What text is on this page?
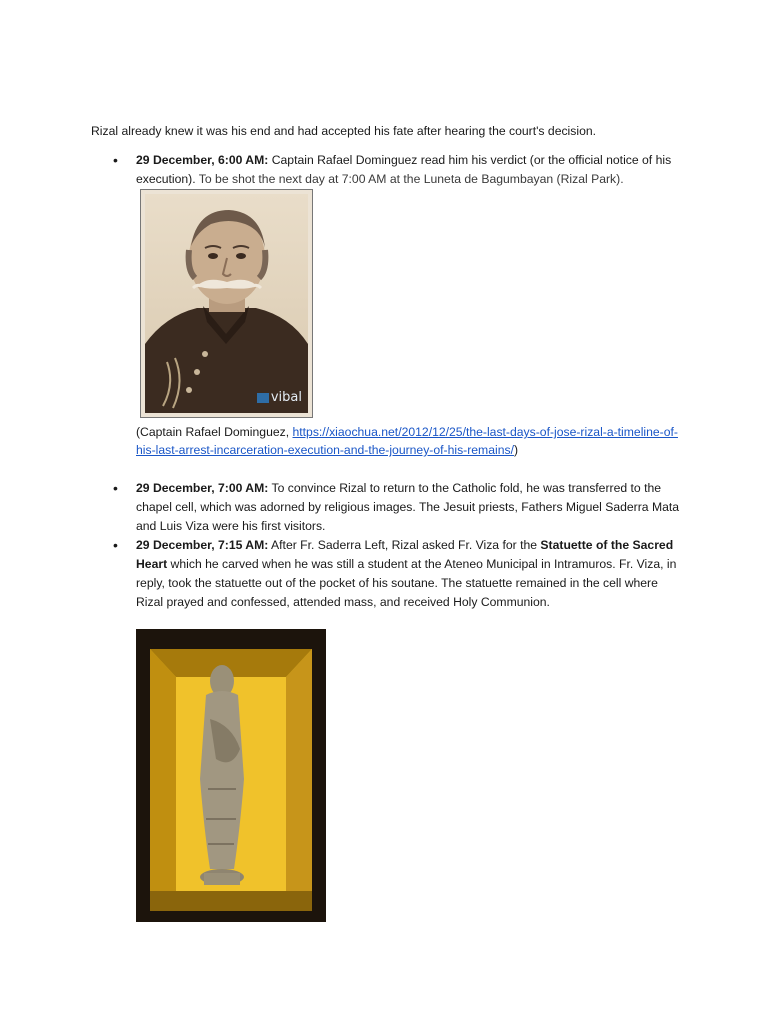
Rizal already knew it was his end and had accepted his fate after hearing the court's decision.
• 29 December, 6:00 AM: Captain Rafael Dominguez read him his verdict (or the official notice of his execution). To be shot the next day at 7:00 AM at the Luneta de Bagumbayan (Rizal Park).
vibal
(Captain Rafael Dominguez, https://xiaochua.net/2012/12/25/the-last-days-of-jose-rizal-a-timeline-of-his-last-arrest-incarceration-execution-and-the-journey-of-his-remains/)
• 29 December, 7:00 AM: To convince Rizal to return to the Catholic fold, he was transferred to the chapel cell, which was adorned by religious images. The Jesuit priests, Fathers Miguel Saderra Mata and Luis Viza were his first visitors.
• 29 December, 7:15 AM: After Fr. Saderra Left, Rizal asked Fr. Viza for the Statuette of the Sacred Heart which he carved when he was still a student at the Ateneo Municipal in Intramuros. Fr. Viza, in reply, took the statuette out of the pocket of his soutane. The statuette remained in the cell where Rizal prayed and confessed, attended mass, and received Holy Communion.
